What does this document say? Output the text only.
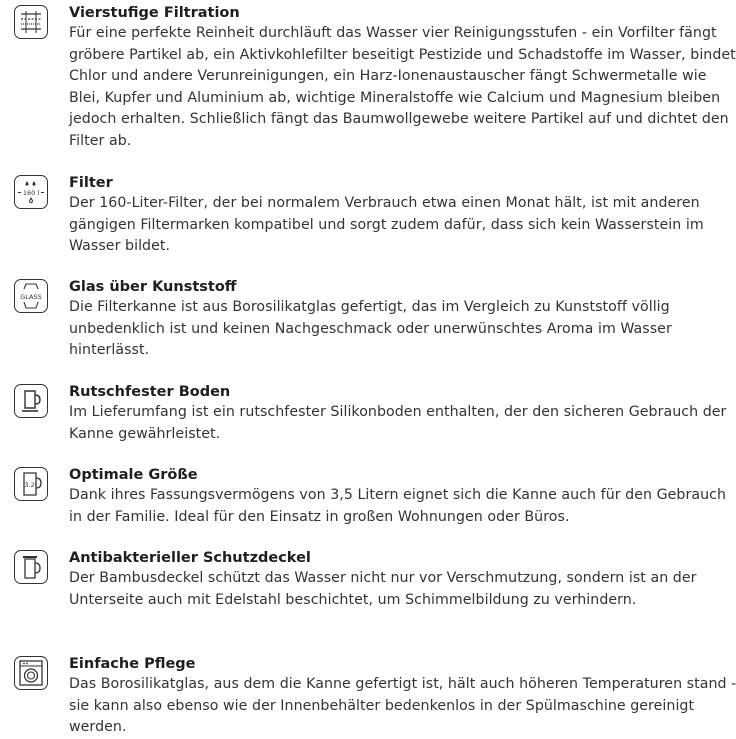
Vierstufige Filtration

Für eine perfekte Reinheit durchläuft das Wasser vier Reinigungsstufen - ein Vorfilter fängt gröbere Partikel ab, ein Aktivkohlefilter beseitigt Pestizide und Schadstoffe im Wasser, bindet Chlor und andere Verunreinigungen, ein Harz-Ionenaustauscher fängt Schwermetalle wie Blei, Kupfer und Aluminium ab, wichtige Mineralstoffe wie Calcium und Magnesium bleiben jedoch erhalten. Schließlich fängt das Baumwollgewebe weitere Partikel auf und dichtet den Filter ab.

160 l

Filter

Der 160-Liter-Filter, der bei normalem Verbrauch etwa einen Monat hält, ist mit anderen gängigen Filtermarken kompatibel und sorgt zudem dafür, dass sich kein Wasserstein im Wasser bildet.

GLASS

Glas über Kunststoff

Die Filterkanne ist aus Borosilikatglas gefertigt, das im Vergleich zu Kunststoff völlig unbedenklich ist und keinen Nachgeschmack oder unerwünschtes Aroma im Wasser hinterlässt.

Rutschfester Boden

Im Lieferumfang ist ein rutschfester Silikonboden enthalten, der den sicheren Gebrauch der Kanne gewährleistet.

3.2l

Optimale Größe

Dank ihres Fassungsvermögens von 3,5 Litern eignet sich die Kanne auch für den Gebrauch in der Familie. Ideal für den Einsatz in großen Wohnungen oder Büros.

Antibakterieller Schutzdeckel

Der Bambusdeckel schützt das Wasser nicht nur vor Verschmutzung, sondern ist an der Unterseite auch mit Edelstahl beschichtet, um Schimmelbildung zu verhindern.

Einfache Pflege

Das Borosilikatglas, aus dem die Kanne gefertigt ist, hält auch höheren Temperaturen stand - sie kann also ebenso wie der Innenbehälter bedenkenlos in der Spülmaschine gereinigt werden.
